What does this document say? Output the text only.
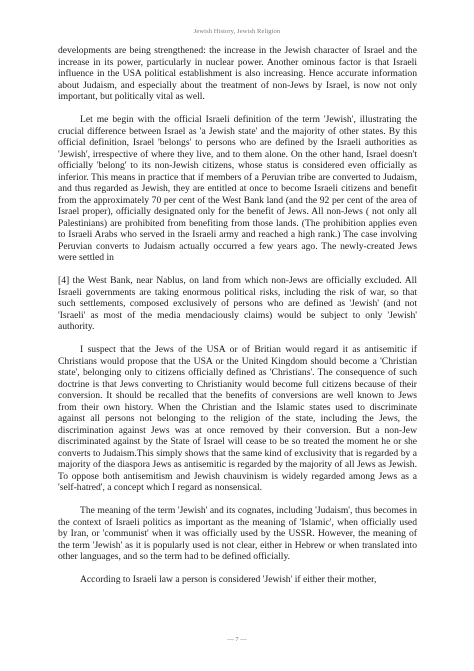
Jewish History, Jewish Religion

developments are being strengthened: the increase in the Jewish character of Israel and the increase in its power, particularly in nuclear power. Another ominous factor is that Israeli influence in the USA political establishment is also increasing. Hence accurate information about Judaism, and especially about the treatment of non-Jews by Israel, is now not only important, but politically vital as well.

Let me begin with the official Israeli definition of the term 'Jewish', illustrating the crucial difference between Israel as 'a Jewish state' and the majority of other states. By this official definition, Israel 'belongs' to persons who are defined by the Israeli authorities as 'Jewish', irrespective of where they live, and to them alone. On the other hand, Israel doesn't officially 'belong' to its non-Jewish citizens, whose status is considered even officially as inferior. This means in practice that if members of a Peruvian tribe are converted to Judaism, and thus regarded as Jewish, they are entitled at once to become Israeli citizens and benefit from the approximately 70 per cent of the West Bank land (and the 92 per cent of the area of Israel proper), officially designated only for the benefit of Jews. All non-Jews ( not only all Palestinians) are prohibited from benefiting from those lands. (The prohibition applies even to Israeli Arabs who served in the Israeli army and reached a high rank.) The case involving Peruvian converts to Judaism actually occurred a few years ago. The newly-created Jews were settled in

[4] the West Bank, near Nablus, on land from which non-Jews are officially excluded. All Israeli governments are taking enormous political risks, including the risk of war, so that such settlements, composed exclusively of persons who are defined as 'Jewish' (and not 'Israeli' as most of the media mendaciously claims) would be subject to only 'Jewish' authority.

I suspect that the Jews of the USA or of Britian would regard it as antisemitic if Christians would propose that the USA or the United Kingdom should become a 'Christian state', belonging only to citizens officially defined as 'Christians'. The consequence of such doctrine is that Jews converting to Christianity would become full citizens because of their conversion. It should be recalled that the benefits of conversions are well known to Jews from their own history. When the Christian and the Islamic states used to discriminate against all persons not belonging to the religion of the state, including the Jews, the discrimination against Jews was at once removed by their conversion. But a non-Jew discriminated against by the State of Israel will cease to be so treated the moment he or she converts to Judaism.This simply shows that the same kind of exclusivity that is regarded by a majority of the diaspora Jews as antisemitic is regarded by the majority of all Jews as Jewish. To oppose both antisemitism and Jewish chauvinism is widely regarded among Jews as a 'self-hatred', a concept which I regard as nonsensical.

The meaning of the term 'Jewish' and its cognates, including 'Judaism', thus becomes in the context of Israeli politics as important as the meaning of 'Islamic', when officially used by Iran, or 'communist' when it was officially used by the USSR. However, the meaning of the term 'Jewish' as it is popularly used is not clear, either in Hebrew or when translated into other languages, and so the term had to be defined officially.

According to Israeli law a person is considered 'Jewish' if either their mother,

— 7 —
